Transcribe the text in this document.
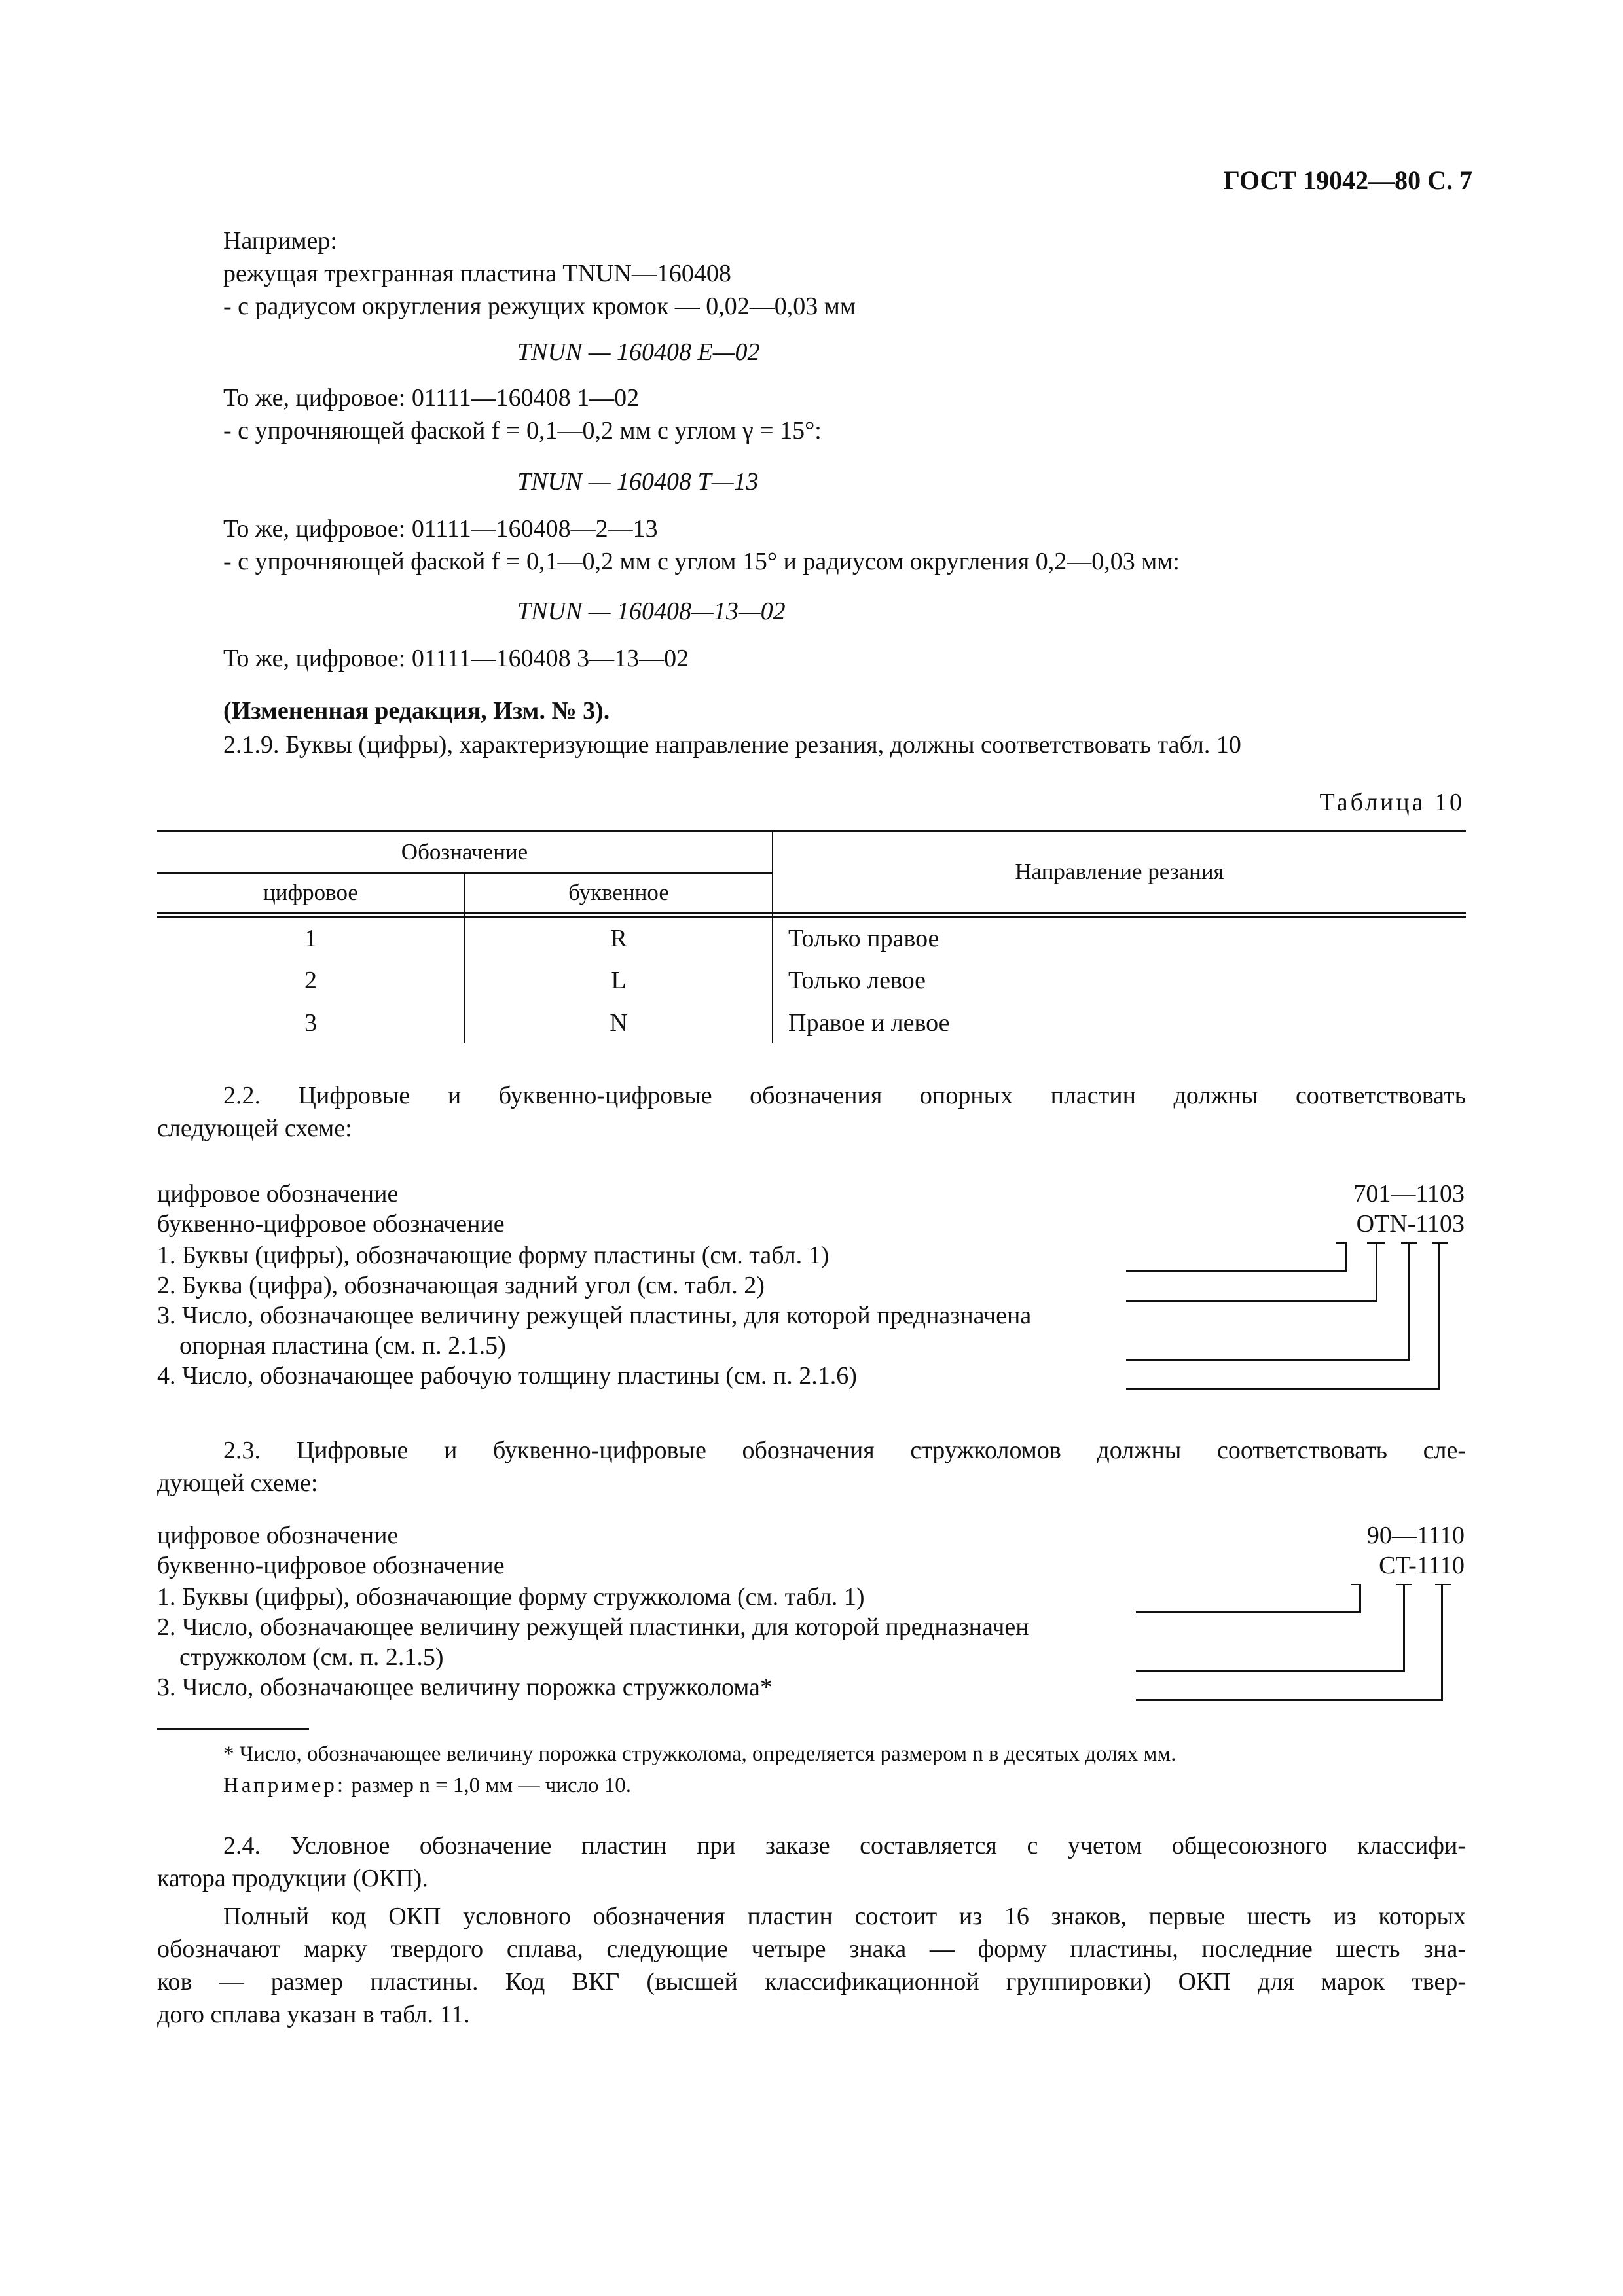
ГОСТ 19042—80 С. 7
Например:
режущая трехгранная пластина TNUN—160408
- с радиусом округления режущих кромок — 0,02—0,03 мм
TNUN — 160408 E—02
То же, цифровое: 01111—160408 1—02
- с упрочняющей фаской f = 0,1—0,2 мм с углом γ = 15°:
TNUN — 160408 T—13
То же, цифровое: 01111—160408—2—13
- с упрочняющей фаской f = 0,1—0,2 мм с углом 15° и радиусом округления 0,2—0,03 мм:
TNUN — 160408—13—02
То же, цифровое: 01111—160408 3—13—02
(Измененная редакция, Изм. № 3).
2.1.9. Буквы (цифры), характеризующие направление резания, должны соответствовать табл. 10
Таблица 10
Обозначение
цифровое	буквенное
Направление резания
1	R	Только правое
2	L	Только левое
3	N	Правое и левое
2.2. Цифровые и буквенно-цифровые обозначения опорных пластин должны соответствовать
следующей схеме:
цифровое обозначение
буквенно-цифровое обозначение
701—1103
OTN-1103
1. Буквы (цифры), обозначающие форму пластины (см. табл. 1)
2. Буква (цифра), обозначающая задний угол (см. табл. 2)
3. Число, обозначающее величину режущей пластины, для которой предназначена
опорная пластина (см. п. 2.1.5)
4. Число, обозначающее рабочую толщину пластины (см. п. 2.1.6)
2.3. Цифровые и буквенно-цифровые обозначения стружколомов должны соответствовать сле-
дующей схеме:
цифровое обозначение
буквенно-цифровое обозначение
90—1110
CT-1110
1. Буквы (цифры), обозначающие форму стружколома (см. табл. 1)
2. Число, обозначающее величину режущей пластинки, для которой предназначен
стружколом (см. п. 2.1.5)
3. Число, обозначающее величину порожка стружколома*
* Число, обозначающее величину порожка стружколома, определяется размером n в десятых долях мм.
Например: размер n = 1,0 мм — число 10.
2.4. Условное обозначение пластин при заказе составляется с учетом общесоюзного классифи-
катора продукции (ОКП).
Полный код ОКП условного обозначения пластин состоит из 16 знаков, первые шесть из которых
обозначают марку твердого сплава, следующие четыре знака — форму пластины, последние шесть зна-
ков — размер пластины. Код ВКГ (высшей классификационной группировки) ОКП для марок твер-
дого сплава указан в табл. 11.
